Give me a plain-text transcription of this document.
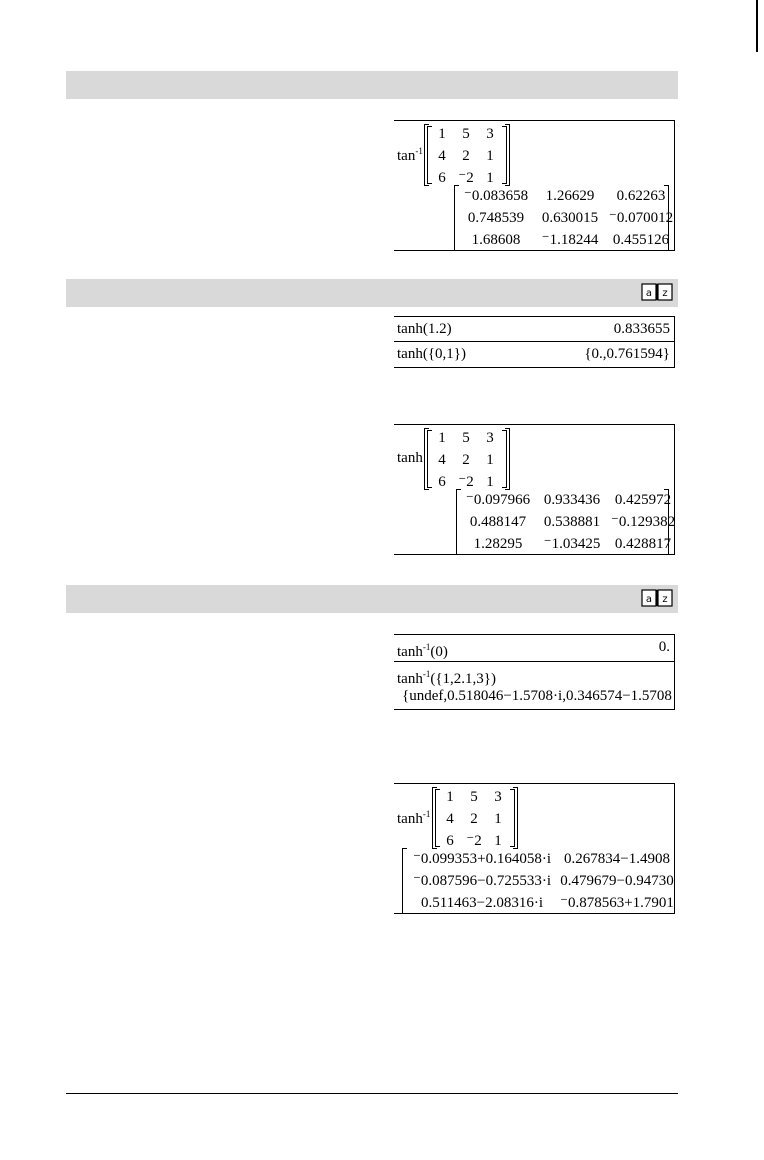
$\tan^{-1}$
1	5	3
4	2	1
6 ⁻2 1
⁻0.083658	1.26629	0.62263
0.748539	0.630015 ⁻0.070012
1.68608	⁻1.18244 0.455126
a z
tanh(1.2)	0.833655
tanh({0,1})	{0.,0.761594}
tanh
1	5	3
4	2	1
6 ⁻2 1
⁻0.097966 0.933436 0.425972
0.488147	0.538881 ⁻0.129382
1.28295	⁻1.03425 0.428817
a z
$\tanh^{-1}(0)$	0.
$\tanh^{-1}(\{1,2.1,3\})$
{undef,0.518046−1.5708·i,0.346574−1.5708
$\tanh^{-1}$
1	5	3
4	2	1
6 ⁻2 1
⁻0.099353+0.164058·i 0.267834−1.4908
⁻0.087596−0.725533·i 0.479679−0.94730
0.511463−2.08316·i	⁻0.878563+1.7901
